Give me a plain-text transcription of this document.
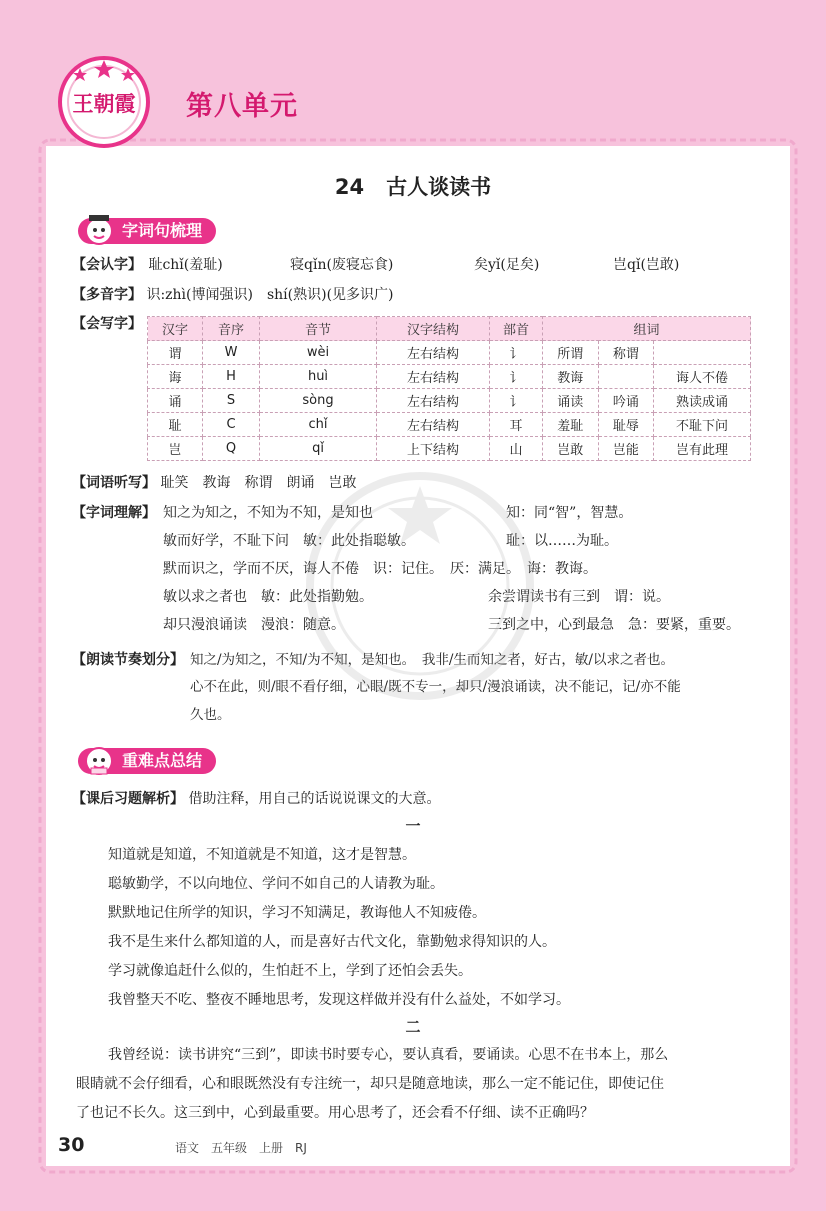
王朝霞	第八单元
24 古人谈读书
字词句梳理
【会认字】 耻chǐ(羞耻)	寝qǐn(废寝忘食)	矣yǐ(足矣)	岂qǐ(岂敢)
【多音字】 识:zhì(博闻强识)　shí(熟识)(见多识广)
【会写字】 汉字	音序	音节	汉字结构	部首	组词		
谓	W	wèi	左右结构	讠	所谓	称谓	
诲	H	huì	左右结构	讠	教诲		诲人不倦
诵	S	sòng	左右结构	讠	诵读	吟诵	熟读成诵
耻	C	chǐ	左右结构	耳	羞耻	耻辱	不耻下问
岂	Q	qǐ	上下结构	山	岂敢	岂能	岂有此理
【词语听写】 耻笑　教诲　称谓　朗诵　岂敢
【字词理解】 知之为知之，不知为不知，是知也	知：同“智”，智慧。
敏而好学，不耻下问　敏：此处指聪敏。	耻：以……为耻。
默而识之，学而不厌，诲人不倦　识：记住。　厌：满足。　诲：教诲。
敏以求之者也　敏：此处指勤勉。	余尝谓读书有三到　谓：说。
却只漫浪诵读　漫浪：随意。	三到之中，心到最急　急：要紧，重要。
【朗读节奏划分】 知之/为知之，不知/为不知，是知也。　我非/生而知之者，好古，敏/以求之者也。
心不在此，则/眼不看仔细，心眼/既不专一，却只/漫浪诵读，决不能记，记/亦不能
久也。
重难点总结
【课后习题解析】 借助注释，用自己的话说说课文的大意。
一
知道就是知道，不知道就是不知道，这才是智慧。
聪敏勤学，不以向地位、学问不如自己的人请教为耻。
默默地记住所学的知识，学习不知满足，教诲他人不知疲倦。
我不是生来什么都知道的人，而是喜好古代文化，靠勤勉求得知识的人。
学习就像追赶什么似的，生怕赶不上，学到了还怕会丢失。
我曾整天不吃、整夜不睡地思考，发现这样做并没有什么益处，不如学习。
二
我曾经说：读书讲究“三到”，即读书时要专心，要认真看，要诵读。心思不在书本上，那么
眼睛就不会仔细看，心和眼既然没有专注统一，却只是随意地读，那么一定不能记住，即使记住
了也记不长久。这三到中，心到最重要。用心思考了，还会看不仔细、读不正确吗？
30	语文　五年级　上册　RJ
